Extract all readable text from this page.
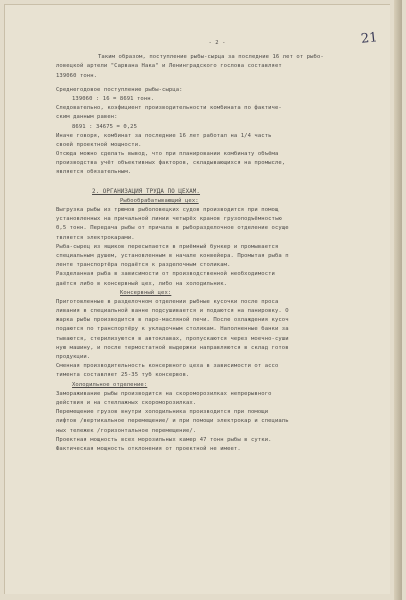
21
- 2 -
Таким образом, поступление рыбы-сырца за последние 16 лет от рыбо-
ловецкой артели "Сарвана Нака" и Ленинградского гослова составляет
139060 тонн.
Среднегодовое поступление рыбы-сырца:
139060 : 16 = 8691 тонн.
Следовательно, коэфициент производительности комбината по фактиче-
ским данным равен:
8691 : 34675 = 0,25
Иначе говоря, комбинат за последние 16 лет работал на 1/4 часть
своей проектной мощности.
Отсюда можно сделать вывод, что при планировании комбинату объёма
производства учёт объективных факторов, складывающихся на промысле,
является обязательным.
2. ОРГАНИЗАЦИЯ ТРУДА ПО ЦЕХАМ.
Рыбообрабатывающий цех:
Выгрузка рыбы из трюмов рыболовецких судов производится при помощ
установленных на причальной линии четырёх кранов грузоподъёмностью
0,5 тонн. Передача рыбы от причала в рыборазделочное отделение осуще
твляется электрокарами.
Рыба-сырец из ящиков пересыпается в приёмный бункер и промывается
специальным душем, установленным в начале конвейера. Промытая рыба п
ленте транспортёра подаётся к разделочным столикам.
Разделанная рыба в зависимости от производственной необходимости
даётся либо в консервный цех, либо на холодильник.
Консервный цех:
Приготовленные в разделочном отделении рыбные кусочки после проса
ливания в специальной ванне подсушивается и подаются на панировку. О
жарка рыбы производится в паро-масляной печи. После охлаждения кусоч
подаются по транспортёру к укладочным столикам. Наполненные банки за
тываются, стерилизуются в автоклавах, пропускаются через моечно-суши
ную машину, и после термостатной выдержки направляются в склад готов
продукции.
Сменная производительность консервного цеха в зависимости от ассо
тимента составляет 25-35 туб консервов.
Холодильное отделение:
Замораживание рыбы производится на скороморозилках непрерывного
действия и на стеллажных скороморозилках.
Перемещение грузов внутри холодильника производится при помощи
лифтов /вертикальное перемещение/ и при помощи электрокар и специаль
ных тележек /горизонтальное перемещение/.
Проектная мощность всех морозильных камер 47 тонн рыбы в сутки.
Фактическая мощность отклонения от проектной не имеет.
